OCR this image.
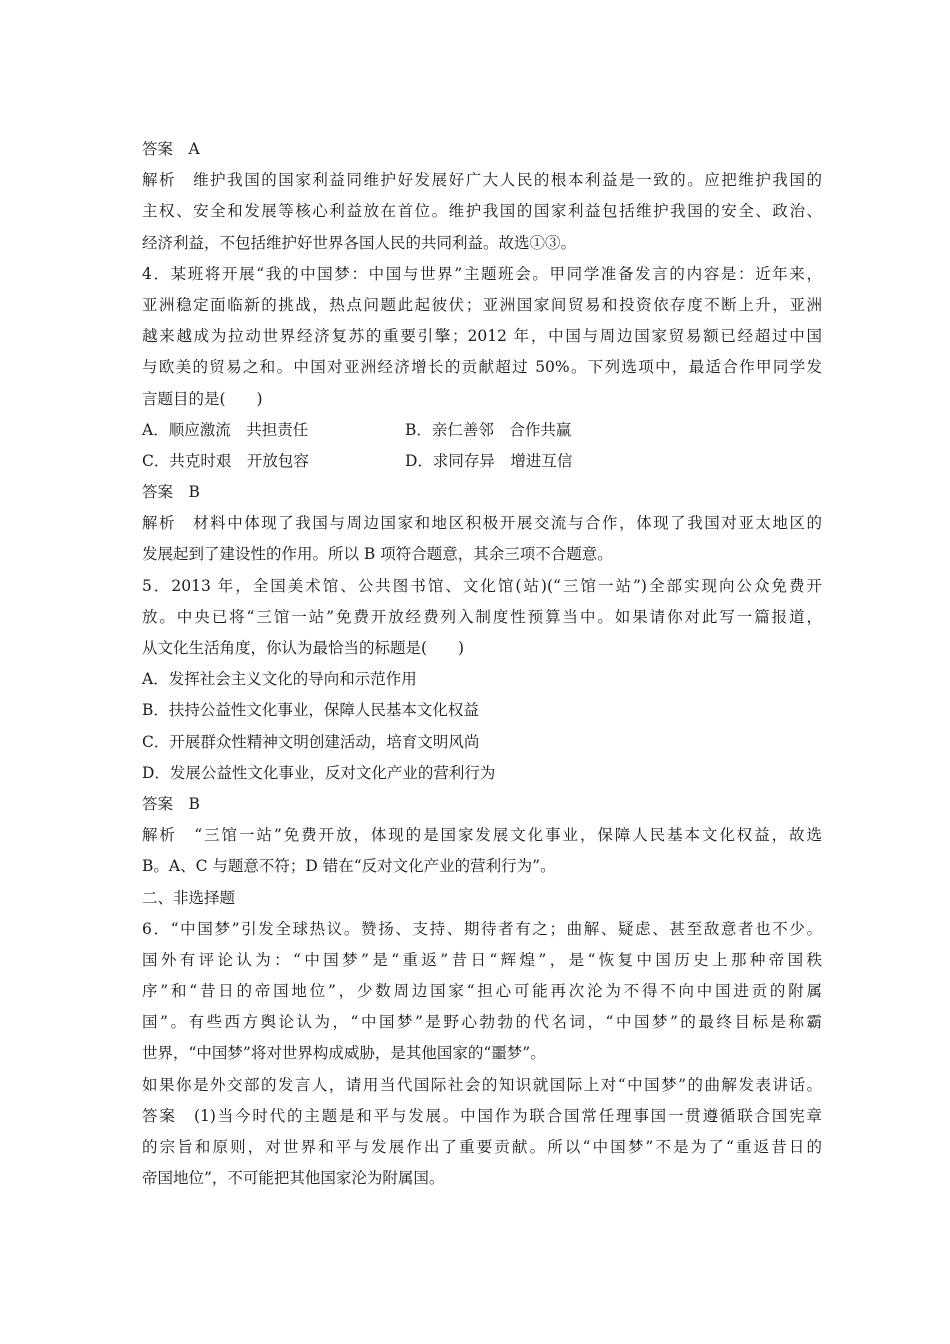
答案　A
解析　维护我国的国家利益同维护好发展好广大人民的根本利益是一致的。应把维护我国的
主权、安全和发展等核心利益放在首位。维护我国的国家利益包括维护我国的安全、政治、
经济利益，不包括维护好世界各国人民的共同利益。故选①③。
4．某班将开展“我的中国梦：中国与世界”主题班会。甲同学准备发言的内容是：近年来，
亚洲稳定面临新的挑战，热点问题此起彼伏；亚洲国家间贸易和投资依存度不断上升，亚洲
越来越成为拉动世界经济复苏的重要引擎；2012 年，中国与周边国家贸易额已经超过中国
与欧美的贸易之和。中国对亚洲经济增长的贡献超过 50%。下列选项中，最适合作甲同学发
言题目的是(　　)
A．顺应激流　共担责任	B．亲仁善邻　合作共赢
C．共克时艰　开放包容	D．求同存异　增进互信
答案　B
解析　材料中体现了我国与周边国家和地区积极开展交流与合作，体现了我国对亚太地区的
发展起到了建设性的作用。所以 B 项符合题意，其余三项不合题意。
5．2013 年，全国美术馆、公共图书馆、文化馆(站)(“三馆一站”)全部实现向公众免费开
放。中央已将“三馆一站”免费开放经费列入制度性预算当中。如果请你对此写一篇报道，
从文化生活角度，你认为最恰当的标题是(　　)
A．发挥社会主义文化的导向和示范作用
B．扶持公益性文化事业，保障人民基本文化权益
C．开展群众性精神文明创建活动，培育文明风尚
D．发展公益性文化事业，反对文化产业的营利行为
答案　B
解析　“三馆一站”免费开放，体现的是国家发展文化事业，保障人民基本文化权益，故选
B。A、C 与题意不符；D 错在“反对文化产业的营利行为”。
二、非选择题
6．“中国梦”引发全球热议。赞扬、支持、期待者有之；曲解、疑虑、甚至敌意者也不少。
国外有评论认为：“中国梦”是“重返”昔日“辉煌”，是“恢复中国历史上那种帝国秩
序”和“昔日的帝国地位”，少数周边国家“担心可能再次沦为不得不向中国进贡的附属
国”。有些西方舆论认为，“中国梦”是野心勃勃的代名词，“中国梦”的最终目标是称霸
世界，“中国梦”将对世界构成威胁，是其他国家的“噩梦”。
如果你是外交部的发言人，请用当代国际社会的知识就国际上对“中国梦”的曲解发表讲话。
答案　(1)当今时代的主题是和平与发展。中国作为联合国常任理事国一贯遵循联合国宪章
的宗旨和原则，对世界和平与发展作出了重要贡献。所以“中国梦”不是为了“重返昔日的
帝国地位”，不可能把其他国家沦为附属国。
